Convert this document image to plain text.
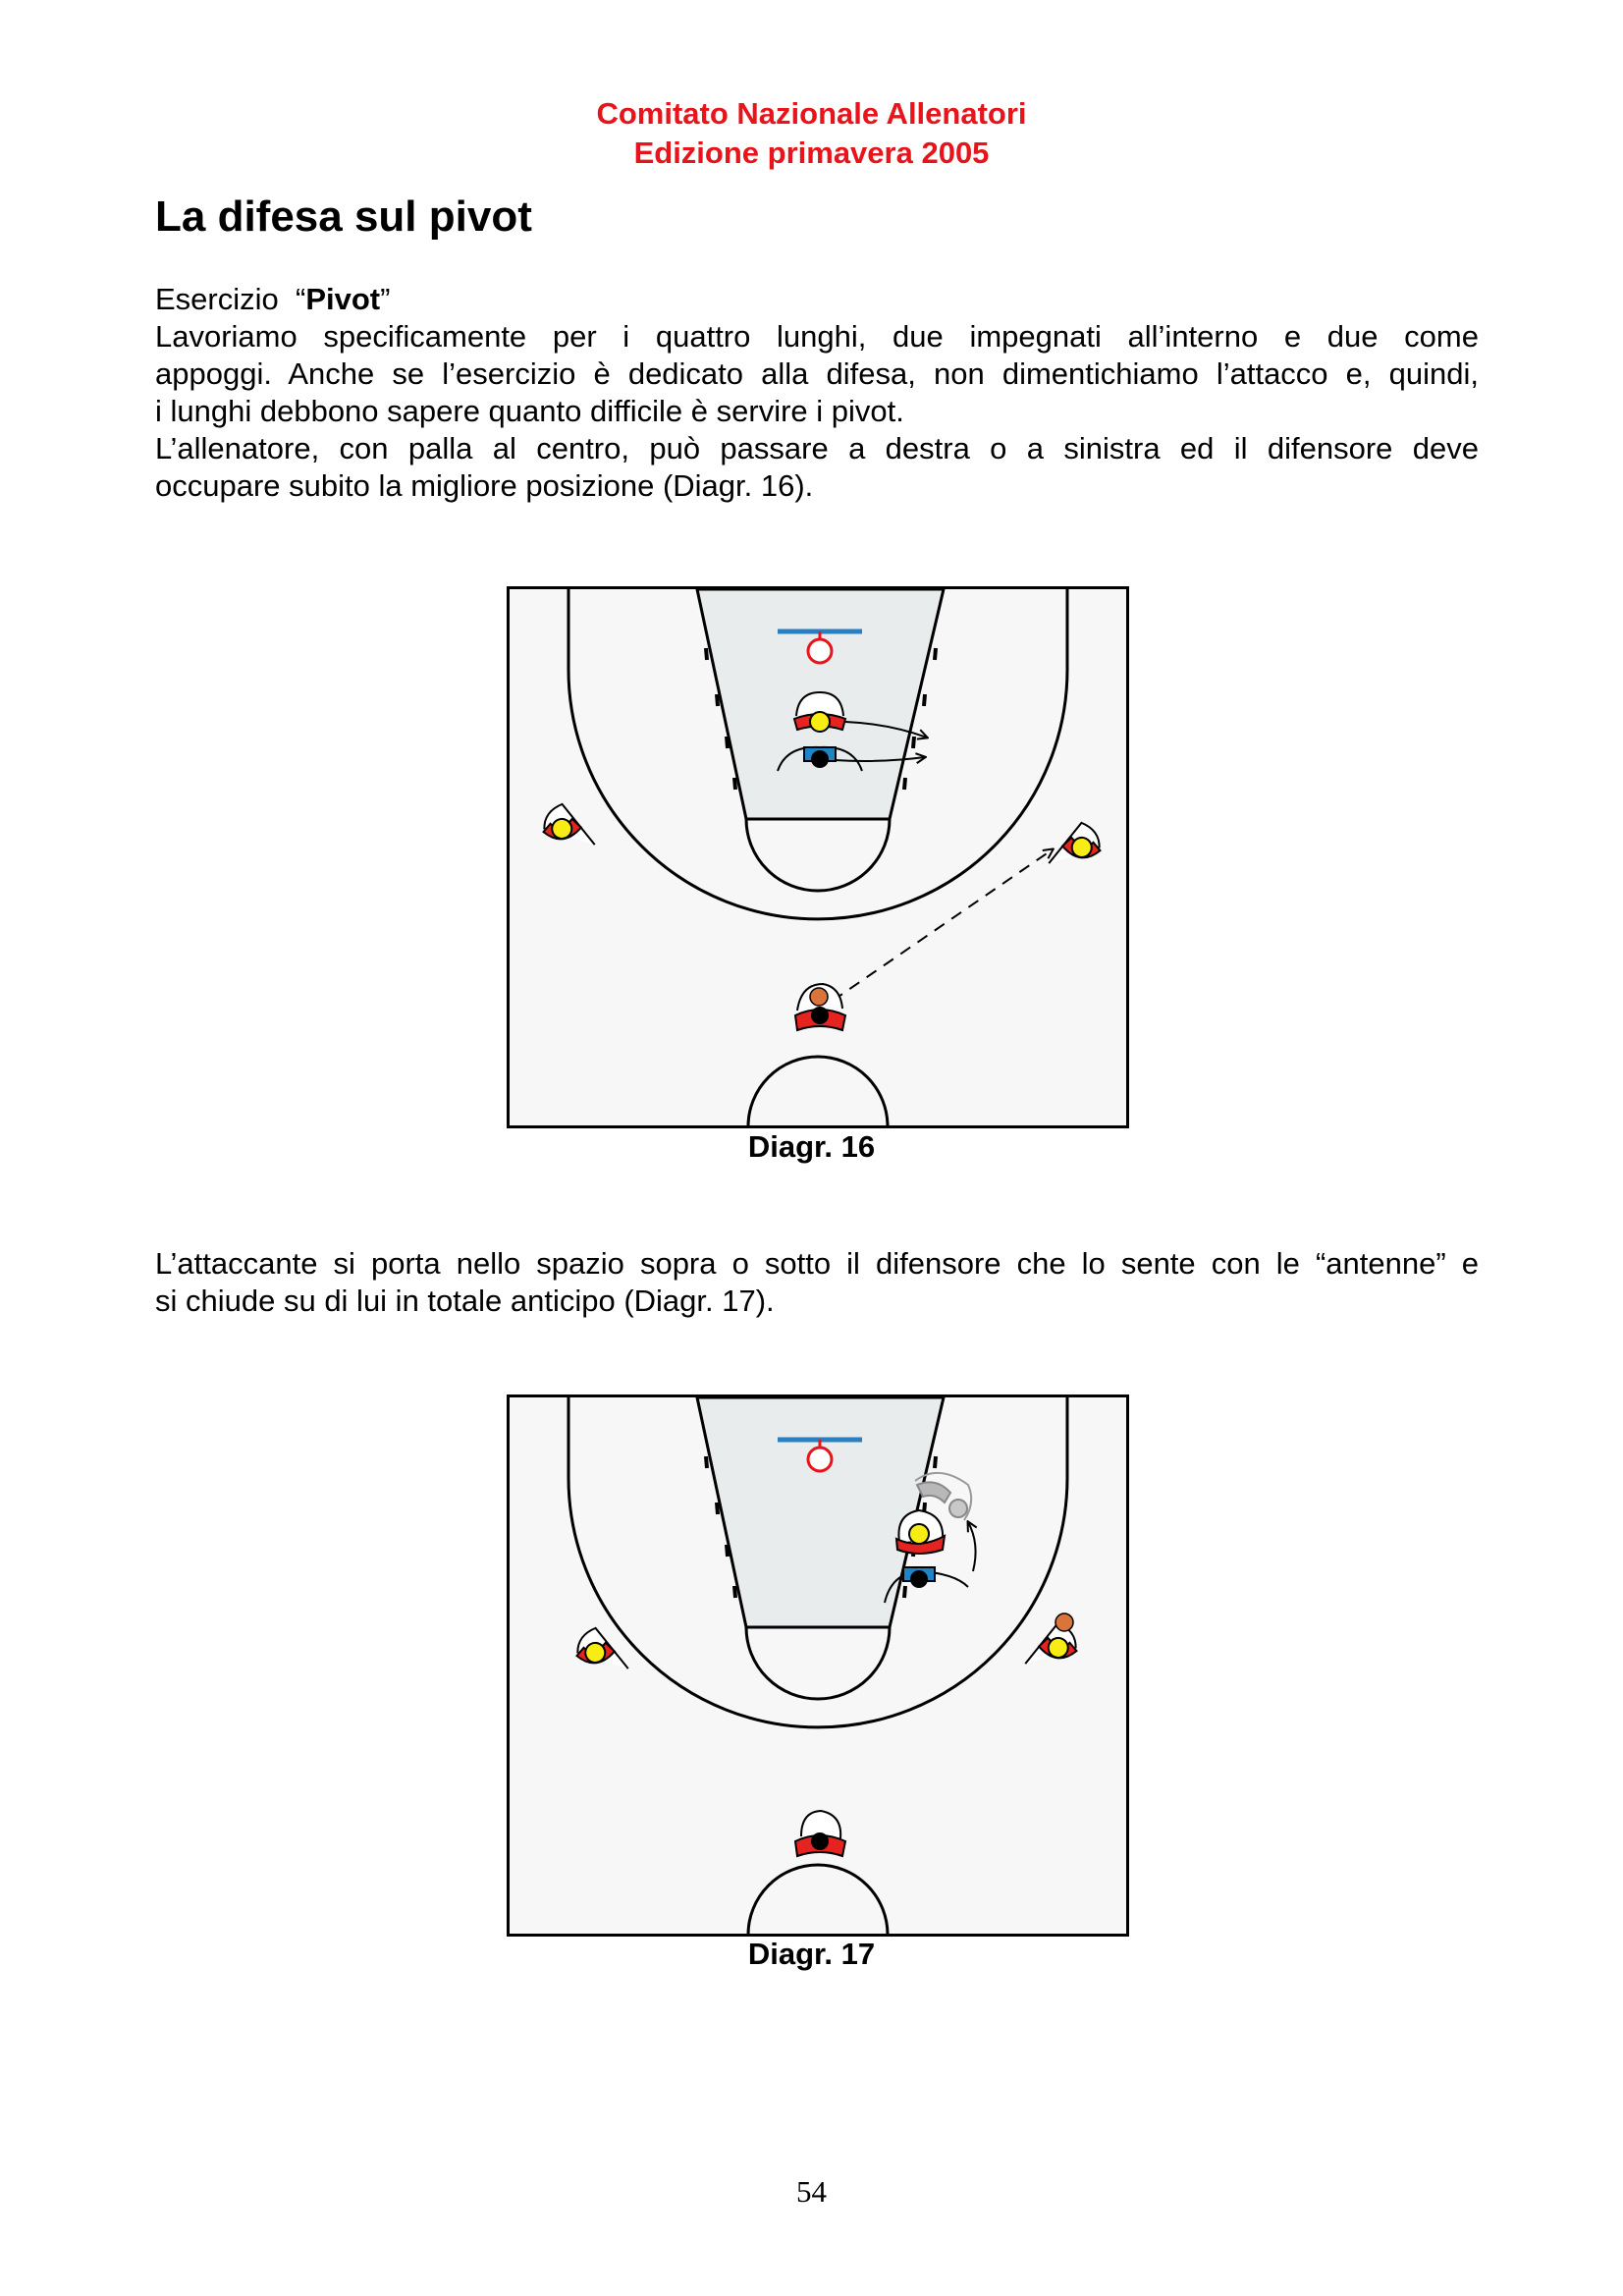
Comitato Nazionale Allenatori
Edizione primavera 2005
La difesa sul pivot
Esercizio “Pivot”
Lavoriamo specificamente per i quattro lunghi, due impegnati all’interno e due come
appoggi. Anche se l’esercizio è dedicato alla difesa, non dimentichiamo l’attacco e, quindi,
i lunghi debbono sapere quanto difficile è servire i pivot.
L’allenatore, con palla al centro, può passare a destra o a sinistra ed il difensore deve
occupare subito la migliore posizione (Diagr. 16).
Diagr. 16
L’attaccante si porta nello spazio sopra o sotto il difensore che lo sente con le “antenne” e
si chiude su di lui in totale anticipo (Diagr. 17).
Diagr. 17
54
